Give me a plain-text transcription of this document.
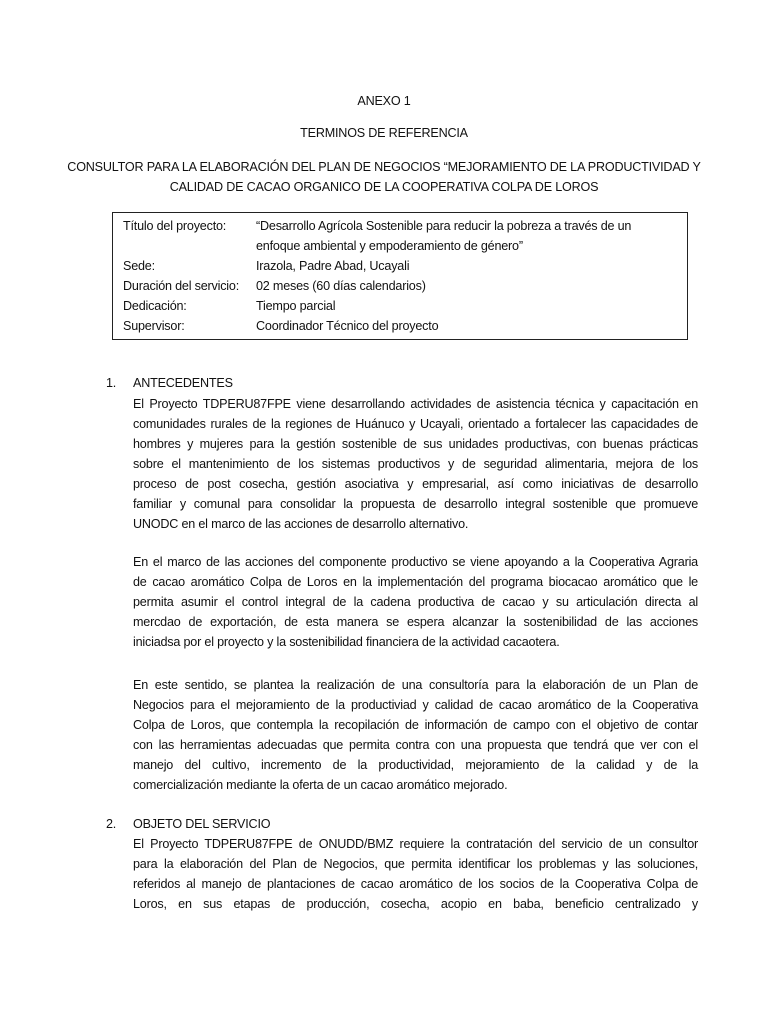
ANEXO 1
TERMINOS DE REFERENCIA
CONSULTOR PARA LA ELABORACIÓN DEL PLAN DE NEGOCIOS “MEJORAMIENTO DE LA PRODUCTIVIDAD Y
CALIDAD DE CACAO ORGANICO DE LA COOPERATIVA COLPA DE LOROS
Título del proyecto:	“Desarrollo Agrícola Sostenible para reducir la pobreza a través de un
enfoque ambiental y empoderamiento de género”
Sede:	Irazola, Padre Abad, Ucayali
Duración del servicio:	02 meses (60 días calendarios)
Dedicación:	Tiempo parcial
Supervisor:	Coordinador Técnico del proyecto
1. ANTECEDENTES
El Proyecto TDPERU87FPE viene desarrollando actividades de asistencia técnica y capacitación en
comunidades rurales de la regiones de Huánuco y Ucayali, orientado a fortalecer las capacidades de
hombres y mujeres para la gestión sostenible de sus unidades productivas, con buenas prácticas
sobre el mantenimiento de los sistemas productivos y de seguridad alimentaria, mejora de los
proceso de post cosecha, gestión asociativa y empresarial, así como iniciativas de desarrollo
familiar y comunal para consolidar la propuesta de desarrollo integral sostenible que promueve
UNODC en el marco de las acciones de desarrollo alternativo.
En el marco de las acciones del componente productivo se viene apoyando a la Cooperativa Agraria
de cacao aromático Colpa de Loros en la implementación del programa biocacao aromático que le
permita asumir el control integral de la cadena productiva de cacao y su articulación directa al
mercdao de exportación, de esta manera se espera alcanzar la sostenibilidad de las acciones
iniciadsa por el proyecto y la sostenibilidad financiera de la actividad cacaotera.
En este sentido, se plantea la realización de una consultoría para la elaboración de un Plan de
Negocios para el mejoramiento de la productiviad y calidad de cacao aromático de la Cooperativa
Colpa de Loros, que contempla la recopilación de información de campo con el objetivo de contar
con las herramientas adecuadas que permita contra con una propuesta que tendrá que ver con el
manejo del cultivo, incremento de la productividad, mejoramiento de la calidad y de la
comercialización mediante la oferta de un cacao aromático mejorado.
2. OBJETO DEL SERVICIO
El Proyecto TDPERU87FPE de ONUDD/BMZ requiere la contratación del servicio de un consultor
para la elaboración del Plan de Negocios, que permita identificar los problemas y las soluciones,
referidos al manejo de plantaciones de cacao aromático de los socios de la Cooperativa Colpa de
Loros, en sus etapas de producción, cosecha, acopio en baba, beneficio centralizado y
